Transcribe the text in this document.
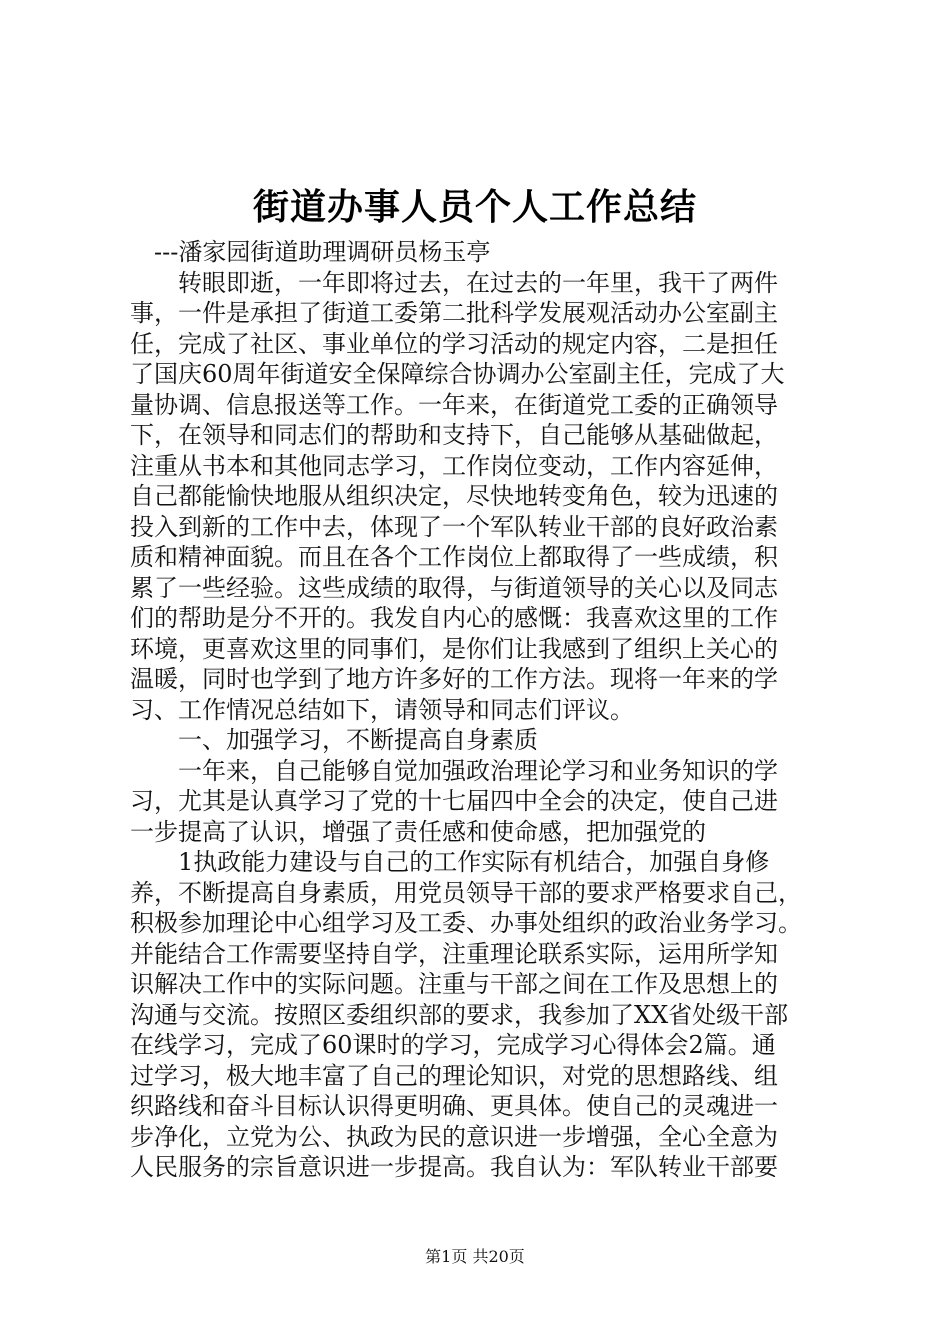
街道办事人员个人工作总结
　---潘家园街道助理调研员杨玉亭
　　转眼即逝，一年即将过去，在过去的一年里，我干了两件
事，一件是承担了街道工委第二批科学发展观活动办公室副主
任，完成了社区、事业单位的学习活动的规定内容，二是担任
了国庆60周年街道安全保障综合协调办公室副主任，完成了大
量协调、信息报送等工作。一年来，在街道党工委的正确领导
下，在领导和同志们的帮助和支持下，自己能够从基础做起，
注重从书本和其他同志学习，工作岗位变动，工作内容延伸，
自己都能愉快地服从组织决定，尽快地转变角色，较为迅速的
投入到新的工作中去，体现了一个军队转业干部的良好政治素
质和精神面貌。而且在各个工作岗位上都取得了一些成绩，积
累了一些经验。这些成绩的取得，与街道领导的关心以及同志
们的帮助是分不开的。我发自内心的感慨：我喜欢这里的工作
环境，更喜欢这里的同事们，是你们让我感到了组织上关心的
温暖，同时也学到了地方许多好的工作方法。现将一年来的学
习、工作情况总结如下，请领导和同志们评议。
　　一、加强学习，不断提高自身素质
　　一年来，自己能够自觉加强政治理论学习和业务知识的学
习，尤其是认真学习了党的十七届四中全会的决定，使自己进
一步提高了认识，增强了责任感和使命感，把加强党的
　　1执政能力建设与自己的工作实际有机结合，加强自身修
养，不断提高自身素质，用党员领导干部的要求严格要求自己，
积极参加理论中心组学习及工委、办事处组织的政治业务学习。
并能结合工作需要坚持自学，注重理论联系实际，运用所学知
识解决工作中的实际问题。注重与干部之间在工作及思想上的
沟通与交流。按照区委组织部的要求，我参加了XX省处级干部
在线学习，完成了60课时的学习，完成学习心得体会2篇。通
过学习，极大地丰富了自己的理论知识，对党的思想路线、组
织路线和奋斗目标认识得更明确、更具体。使自己的灵魂进一
步净化，立党为公、执政为民的意识进一步增强，全心全意为
人民服务的宗旨意识进一步提高。我自认为：军队转业干部要
第1页 共20页
